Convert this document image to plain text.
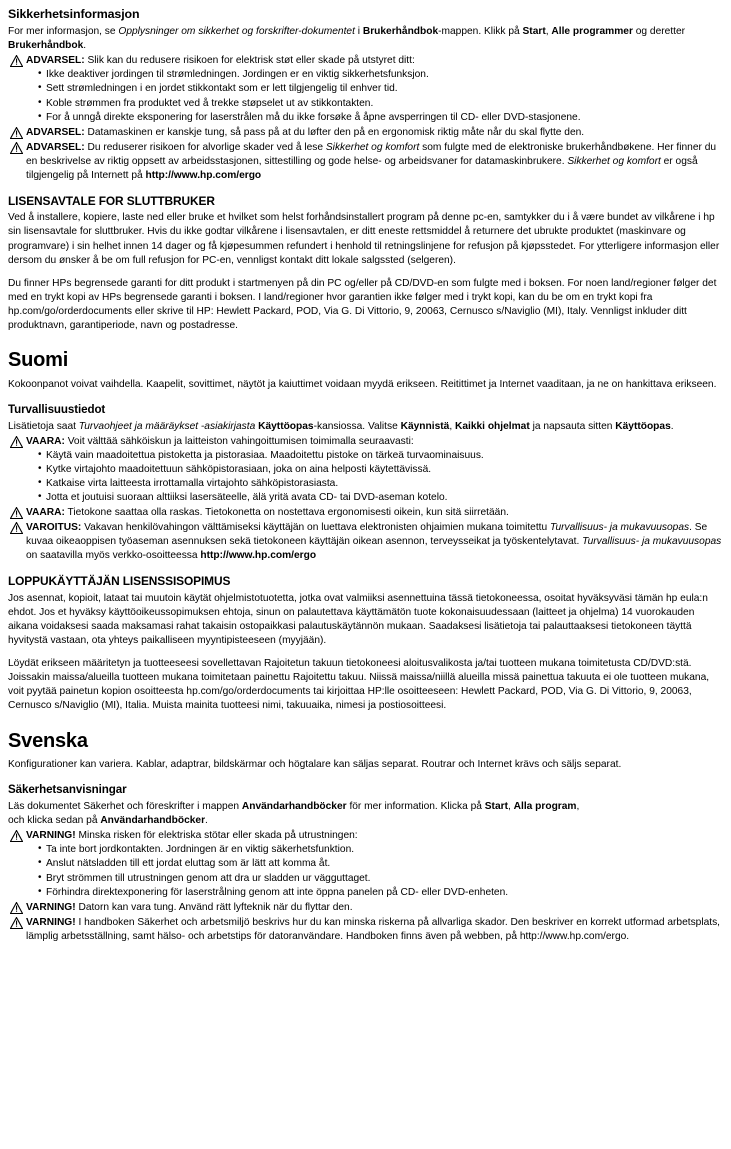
Sikkerhetsinformasjon

For mer informasjon, se Opplysninger om sikkerhet og forskrifter-dokumentet i Brukerhåndbok-mappen. Klikk på Start, Alle programmer og deretter Brukerhåndbok.

ADVARSEL: Slik kan du redusere risikoen for elektrisk støt eller skade på utstyret ditt:
• Ikke deaktiver jordingen til strømledningen. Jordingen er en viktig sikkerhetsfunksjon.
• Sett strømledningen i en jordet stikkontakt som er lett tilgjengelig til enhver tid.
• Koble strømmen fra produktet ved å trekke støpselet ut av stikkontakten.
• For å unngå direkte eksponering for laserstrålen må du ikke forsøke å åpne avsperringen til CD- eller DVD-stasjonene.
ADVARSEL: Datamaskinen er kanskje tung, så pass på at du løfter den på en ergonomisk riktig måte når du skal flytte den.
ADVARSEL: Du reduserer risikoen for alvorlige skader ved å lese Sikkerhet og komfort som fulgte med de elektroniske brukerhåndbøkene. Her finner du en beskrivelse av riktig oppsett av arbeidsstasjonen, sittestilling og gode helse- og arbeidsvaner for datamaskinbrukere. Sikkerhet og komfort er også tilgjengelig på Internett på http://www.hp.com/ergo
LISENSAVTALE FOR SLUTTBRUKER

Ved å installere, kopiere, laste ned eller bruke et hvilket som helst forhåndsinstallert program på denne pc-en, samtykker du i å være bundet av vilkårene i hp sin lisensavtale for sluttbruker. Hvis du ikke godtar vilkårene i lisensavtalen, er ditt eneste rettsmiddel å returnere det ubrukte produktet (maskinvare og programvare) i sin helhet innen 14 dager og få kjøpesummen refundert i henhold til retningslinjene for refusjon på kjøpsstedet. For ytterligere informasjon eller dersom du ønsker å be om full refusjon for PC-en, vennligst kontakt ditt lokale salgssted (selgeren).

Du finner HPs begrensede garanti for ditt produkt i startmenyen på din PC og/eller på CD/DVD-en som fulgte med i boksen. For noen land/regioner følger det med en trykt kopi av HPs begrensede garanti i boksen. I land/regioner hvor garantien ikke følger med i trykt kopi, kan du be om en trykt kopi fra hp.com/go/orderdocuments eller skrive til HP: Hewlett Packard, POD, Via G. Di Vittorio, 9, 20063, Cernusco s/Naviglio (MI), Italy. Vennligst inkluder ditt produktnavn, garantiperiode, navn og postadresse.

Suomi

Kokoonpanot voivat vaihdella. Kaapelit, sovittimet, näytöt ja kaiuttimet voidaan myydä erikseen. Reitittimet ja Internet vaaditaan, ja ne on hankittava erikseen.

Turvallisuustiedot

Lisätietoja saat Turvaohjeet ja määräykset -asiakirjasta Käyttöopas-kansiossa. Valitse Käynnistä, Kaikki ohjelmat ja napsauta sitten Käyttöopas.

VAARA: Voit välttää sähköiskun ja laitteiston vahingoittumisen toimimalla seuraavasti:
• Käytä vain maadoitettua pistoketta ja pistorasiaa. Maadoitettu pistoke on tärkeä turvaominaisuus.
• Kytke virtajohto maadoitettuun sähköpistorasiaan, joka on aina helposti käytettävissä.
• Katkaise virta laitteesta irrottamalla virtajohto sähköpistorasiasta.
• Jotta et joutuisi suoraan alttiiksi lasersäteelle, älä yritä avata CD- tai DVD-aseman kotelo.
VAARA: Tietokone saattaa olla raskas. Tietokonetta on nostettava ergonomisesti oikein, kun sitä siirretään.
VAROITUS: Vakavan henkilövahingon välttämiseksi käyttäjän on luettava elektronisten ohjaimien mukana toimitettu Turvallisuus- ja mukavuusopas. Se kuvaa oikeaoppisen työaseman asennuksen sekä tietokoneen käyttäjän oikean asennon, terveysseikat ja työskentelytavat. Turvallisuus- ja mukavuusopas on saatavilla myös verkko-osoitteessa http://www.hp.com/ergo
LOPPUKÄYTTÄJÄN LISENSSISOPIMUS

Jos asennat, kopioit, lataat tai muutoin käytät ohjelmistotuotetta, jotka ovat valmiiksi asennettuina tässä tietokoneessa, osoitat hyväksyväsi tämän hp eula:n ehdot. Jos et hyväksy käyttöoikeussopimuksen ehtoja, sinun on palautettava käyttämätön tuote kokonaisuudessaan (laitteet ja ohjelma) 14 vuorokauden aikana voidaksesi saada maksamasi rahat takaisin ostopaikkasi palautuskäytännön mukaan. Saadaksesi lisätietoja tai palauttaaksesi tietokoneen täyttä hyvitystä vastaan, ota yhteys paikalliseen myyntipisteeseen (myyjään).

Löydät erikseen määritetyn ja tuotteeseesi sovellettavan Rajoitetun takuun tietokoneesi aloitusvalikosta ja/tai tuotteen mukana toimitetusta CD/DVD:stä. Joissakin maissa/alueilla tuotteen mukana toimitetaan painettu Rajoitettu takuu. Niissä maissa/niillä alueilla missä painettua takuuta ei ole tuotteen mukana, voit pyytää painetun kopion osoitteesta hp.com/go/orderdocuments tai kirjoittaa HP:lle osoitteeseen: Hewlett Packard, POD, Via G. Di Vittorio, 9, 20063, Cernusco s/Naviglio (MI), Italia. Muista mainita tuotteesi nimi, takuuaika, nimesi ja postiosoitteesi.

Svenska

Konfigurationer kan variera. Kablar, adaptrar, bildskärmar och högtalare kan säljas separat. Routrar och Internet krävs och säljs separat.

Säkerhetsanvisningar

Läs dokumentet Säkerhet och föreskrifter i mappen Användarhandböcker för mer information. Klicka på Start, Alla program,
och klicka sedan på Användarhandböcker.

VARNING! Minska risken för elektriska stötar eller skada på utrustningen:
• Ta inte bort jordkontakten. Jordningen är en viktig säkerhetsfunktion.
• Anslut nätsladden till ett jordat eluttag som är lätt att komma åt.
• Bryt strömmen till utrustningen genom att dra ur sladden ur vägguttaget.
• Förhindra direktexponering för laserstrålning genom att inte öppna panelen på CD- eller DVD-enheten.
VARNING! Datorn kan vara tung. Använd rätt lyfteknik när du flyttar den.
VARNING! I handboken Säkerhet och arbetsmiljö beskrivs hur du kan minska riskerna på allvarliga skador. Den beskriver en korrekt utformad arbetsplats, lämplig arbetsställning, samt hälso- och arbetstips för datoranvändare. Handboken finns även på webben, på http://www.hp.com/ergo.
